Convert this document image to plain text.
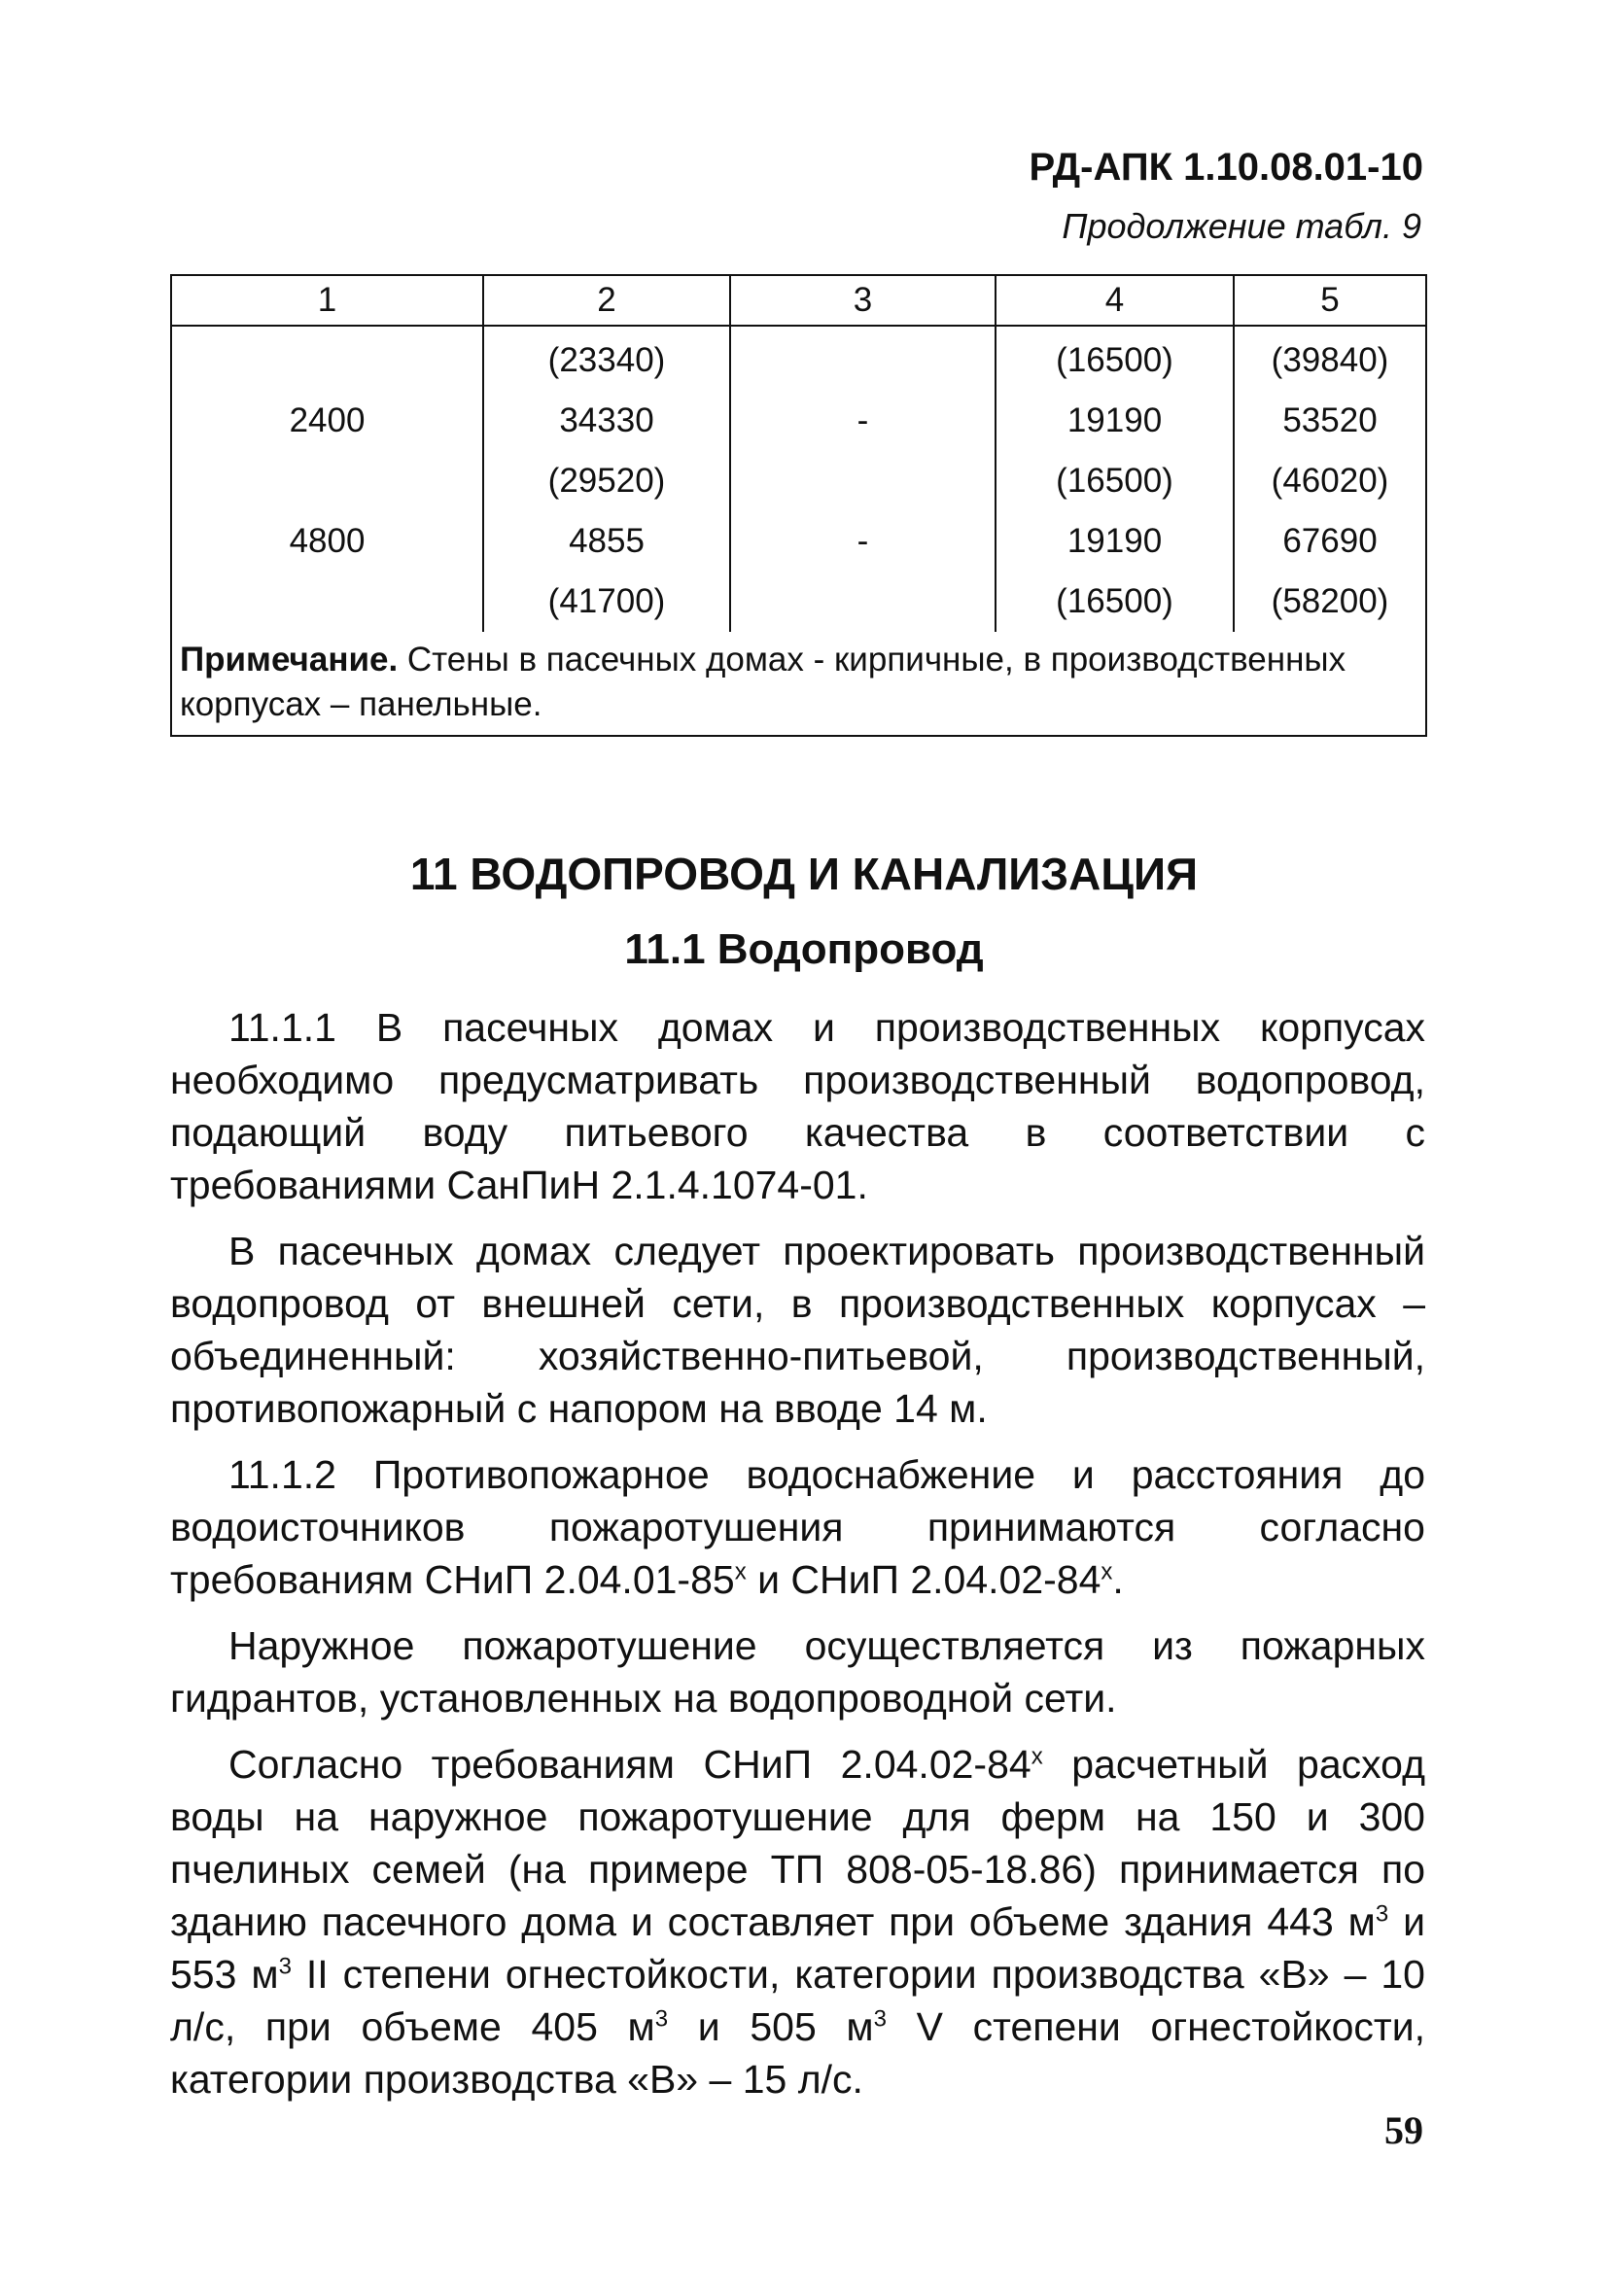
РД-АПК 1.10.08.01-10
Продолжение табл. 9
1	2	3	4	5
	(23340)		(16500)	(39840)
2400	34330	-	19190	53520
	(29520)		(16500)	(46020)
4800	4855	-	19190	67690
	(41700)		(16500)	(58200)
Примечание. Стены в пасечных домах - кирпичные, в производственных корпусах – панельные.				
11 ВОДОПРОВОД И КАНАЛИЗАЦИЯ
11.1 Водопровод

11.1.1 В пасечных домах и производственных корпусах необходимо предусматривать производственный водопровод, подающий воду питьевого качества в соответствии с требованиями СанПиН 2.1.4.1074-01.

В пасечных домах следует проектировать производственный водопровод от внешней сети, в производственных корпусах – объединенный: хозяйственно-питьевой, производственный, противопожарный с напором на вводе 14 м.

11.1.2 Противопожарное водоснабжение и расстояния до водоисточников пожаротушения принимаются согласно требованиям СНиП 2.04.01-85$^x$ и СНиП 2.04.02-84$^x$.

Наружное пожаротушение осуществляется из пожарных гидрантов, установленных на водопроводной сети.

Согласно требованиям СНиП 2.04.02-84$^x$ расчетный расход воды на наружное пожаротушение для ферм на 150 и 300 пчелиных семей (на примере ТП 808-05-18.86) принимается по зданию пасечного дома и составляет при объеме здания 443 $м^3$ и 553 $м^3$ II степени огнестойкости, категории производства «В» – 10 л/с, при объеме 405 $м^3$ и 505 $м^3$ V степени огнестойкости, категории производства «В» – 15 л/с.

59
